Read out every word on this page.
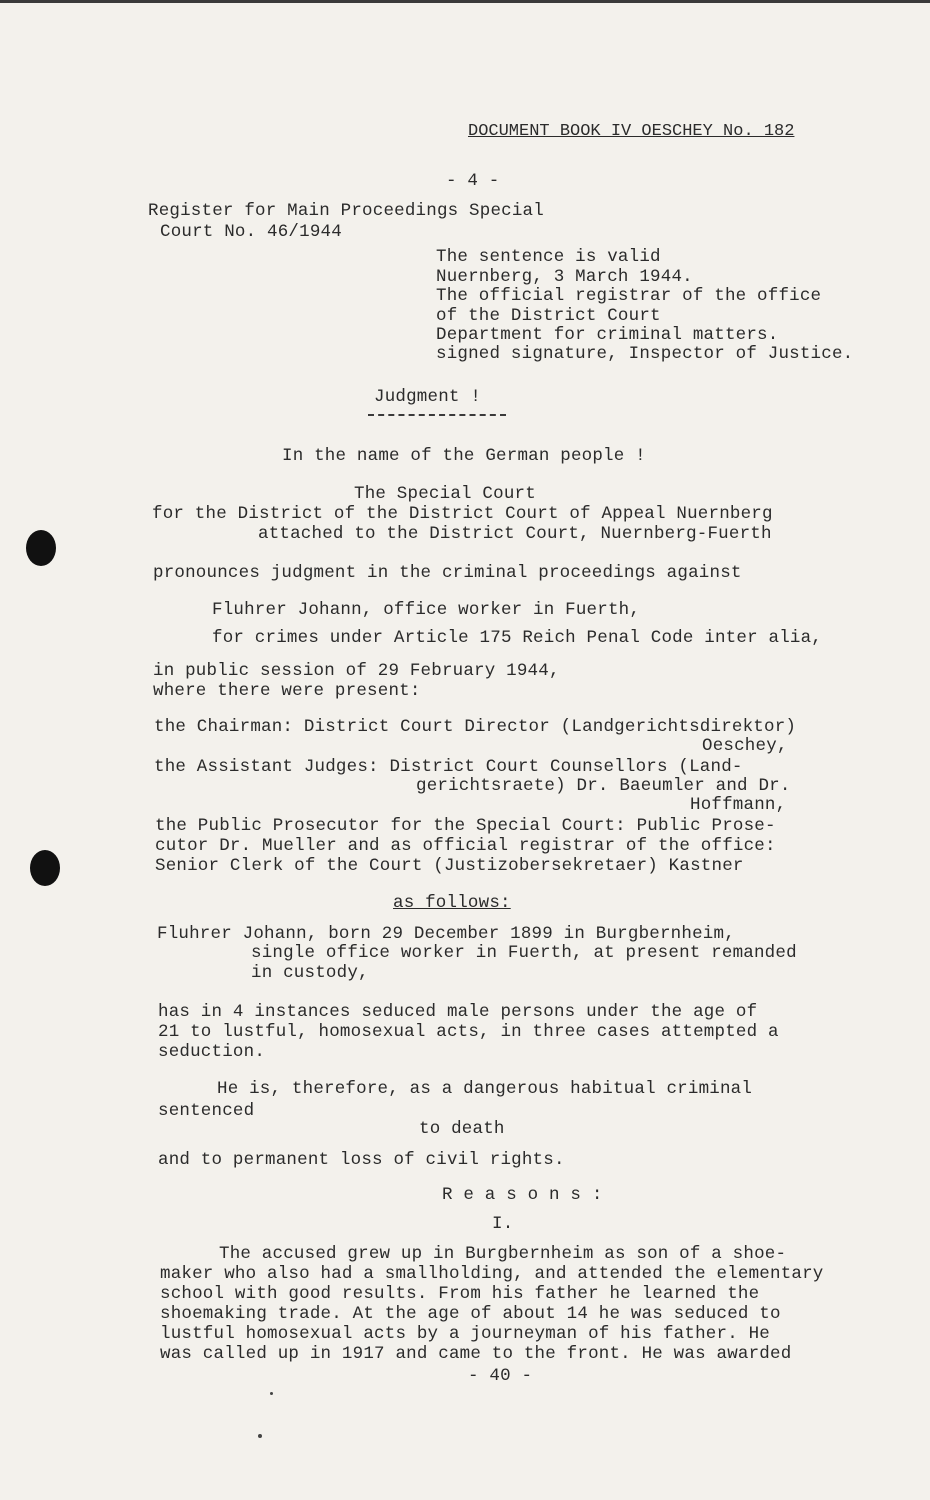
DOCUMENT BOOK IV OESCHEY No. 182
- 4 -
Register for Main Proceedings Special
Court No. 46/1944
The sentence is valid
Nuernberg, 3 March 1944.
The official registrar of the office
of the District Court
Department for criminal matters.
signed signature, Inspector of Justice.
Judgment !
In the name of the German people !
The Special Court
for the District of the District Court of Appeal Nuernberg
attached to the District Court, Nuernberg-Fuerth
pronounces judgment in the criminal proceedings against
Fluhrer Johann, office worker in Fuerth,
for crimes under Article 175 Reich Penal Code inter alia,
in public session of 29 February 1944,
where there were present:
the Chairman: District Court Director (Landgerichtsdirektor)
Oeschey,
the Assistant Judges: District Court Counsellors (Land-
gerichtsraete) Dr. Baeumler and Dr.
Hoffmann,
the Public Prosecutor for the Special Court: Public Prose-
cutor Dr. Mueller and as official registrar of the office:
Senior Clerk of the Court (Justizobersekretaer) Kastner
as follows:
Fluhrer Johann, born 29 December 1899 in Burgbernheim,
single office worker in Fuerth, at present remanded
in custody,
has in 4 instances seduced male persons under the age of
21 to lustful, homosexual acts, in three cases attempted a
seduction.
He is, therefore, as a dangerous habitual criminal
sentenced
to death
and to permanent loss of civil rights.
R e a s o n s :
I.
The accused grew up in Burgbernheim as son of a shoe-
maker who also had a smallholding, and attended the elementary
school with good results. From his father he learned the
shoemaking trade. At the age of about 14 he was seduced to
lustful homosexual acts by a journeyman of his father. He
was called up in 1917 and came to the front. He was awarded
- 40 -
